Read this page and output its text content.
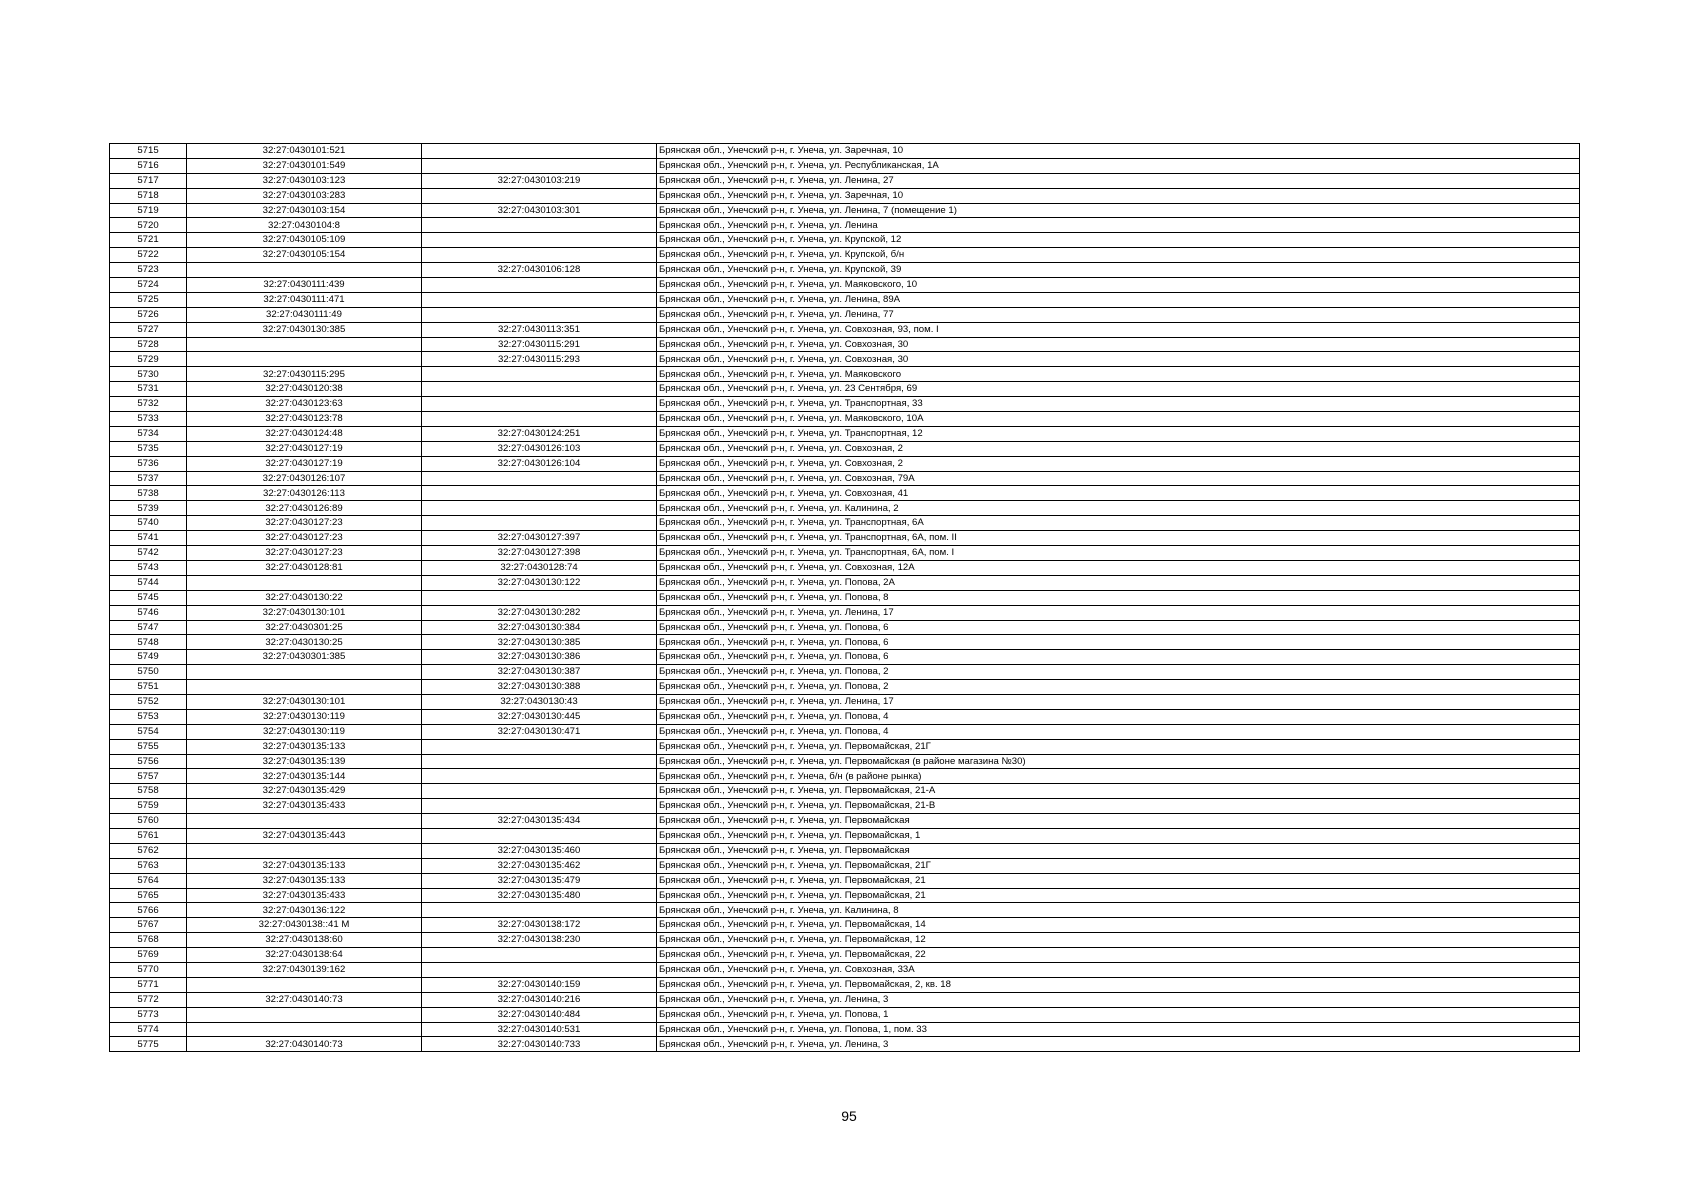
5715	32:27:0430101:521		Брянская обл., Унечский р-н, г. Унеча, ул. Заречная, 10
5716	32:27:0430101:549		Брянская обл., Унечский р-н, г. Унеча, ул. Республиканская, 1А
5717	32:27:0430103:123	32:27:0430103:219	Брянская обл., Унечский р-н, г. Унеча, ул. Ленина, 27
5718	32:27:0430103:283		Брянская обл., Унечский р-н, г. Унеча, ул. Заречная, 10
5719	32:27:0430103:154	32:27:0430103:301	Брянская обл., Унечский р-н, г. Унеча, ул. Ленина, 7 (помещение 1)
5720	32:27:0430104:8		Брянская обл., Унечский р-н, г. Унеча, ул. Ленина
5721	32:27:0430105:109		Брянская обл., Унечский р-н, г. Унеча, ул. Крупской, 12
5722	32:27:0430105:154		Брянская обл., Унечский р-н, г. Унеча, ул. Крупской, б/н
5723		32:27:0430106:128	Брянская обл., Унечский р-н, г. Унеча, ул. Крупской, 39
5724	32:27:0430111:439		Брянская обл., Унечский р-н, г. Унеча, ул. Маяковского, 10
5725	32:27:0430111:471		Брянская обл., Унечский р-н, г. Унеча, ул. Ленина, 89А
5726	32:27:0430111:49		Брянская обл., Унечский р-н, г. Унеча, ул. Ленина, 77
5727	32:27:0430130:385	32:27:0430113:351	Брянская обл., Унечский р-н, г. Унеча, ул. Совхозная, 93, пом. I
5728		32:27:0430115:291	Брянская обл., Унечский р-н, г. Унеча, ул. Совхозная, 30
5729		32:27:0430115:293	Брянская обл., Унечский р-н, г. Унеча, ул. Совхозная, 30
5730	32:27:0430115:295		Брянская обл., Унечский р-н, г. Унеча, ул. Маяковского
5731	32:27:0430120:38		Брянская обл., Унечский р-н, г. Унеча, ул. 23 Сентября, 69
5732	32:27:0430123:63		Брянская обл., Унечский р-н, г. Унеча, ул. Транспортная, 33
5733	32:27:0430123:78		Брянская обл., Унечский р-н, г. Унеча, ул. Маяковского, 10А
5734	32:27:0430124:48	32:27:0430124:251	Брянская обл., Унечский р-н, г. Унеча, ул. Транспортная, 12
5735	32:27:0430127:19	32:27:0430126:103	Брянская обл., Унечский р-н, г. Унеча, ул. Совхозная, 2
5736	32:27:0430127:19	32:27:0430126:104	Брянская обл., Унечский р-н, г. Унеча, ул. Совхозная, 2
5737	32:27:0430126:107		Брянская обл., Унечский р-н, г. Унеча, ул. Совхозная, 79А
5738	32:27:0430126:113		Брянская обл., Унечский р-н, г. Унеча, ул. Совхозная, 41
5739	32:27:0430126:89		Брянская обл., Унечский р-н, г. Унеча, ул. Калинина, 2
5740	32:27:0430127:23		Брянская обл., Унечский р-н, г. Унеча, ул. Транспортная, 6А
5741	32:27:0430127:23	32:27:0430127:397	Брянская обл., Унечский р-н, г. Унеча, ул. Транспортная, 6А, пом. II
5742	32:27:0430127:23	32:27:0430127:398	Брянская обл., Унечский р-н, г. Унеча, ул. Транспортная, 6А, пом. I
5743	32:27:0430128:81	32:27:0430128:74	Брянская обл., Унечский р-н, г. Унеча, ул. Совхозная, 12А
5744		32:27:0430130:122	Брянская обл., Унечский р-н, г. Унеча, ул. Попова, 2А
5745	32:27:0430130:22		Брянская обл., Унечский р-н, г. Унеча, ул. Попова, 8
5746	32:27:0430130:101	32:27:0430130:282	Брянская обл., Унечский р-н, г. Унеча, ул. Ленина, 17
5747	32:27:0430301:25	32:27:0430130:384	Брянская обл., Унечский р-н, г. Унеча, ул. Попова, 6
5748	32:27:0430130:25	32:27:0430130:385	Брянская обл., Унечский р-н, г. Унеча, ул. Попова, 6
5749	32:27:0430301:385	32:27:0430130:386	Брянская обл., Унечский р-н, г. Унеча, ул. Попова, 6
5750		32:27:0430130:387	Брянская обл., Унечский р-н, г. Унеча, ул. Попова, 2
5751		32:27:0430130:388	Брянская обл., Унечский р-н, г. Унеча, ул. Попова, 2
5752	32:27:0430130:101	32:27:0430130:43	Брянская обл., Унечский р-н, г. Унеча, ул. Ленина, 17
5753	32:27:0430130:119	32:27:0430130:445	Брянская обл., Унечский р-н, г. Унеча, ул. Попова, 4
5754	32:27:0430130:119	32:27:0430130:471	Брянская обл., Унечский р-н, г. Унеча, ул. Попова, 4
5755	32:27:0430135:133		Брянская обл., Унечский р-н, г. Унеча, ул. Первомайская, 21Г
5756	32:27:0430135:139		Брянская обл., Унечский р-н, г. Унеча, ул. Первомайская (в районе магазина №30)
5757	32:27:0430135:144		Брянская обл., Унечский р-н, г. Унеча, б/н (в районе рынка)
5758	32:27:0430135:429		Брянская обл., Унечский р-н, г. Унеча, ул. Первомайская, 21-А
5759	32:27:0430135:433		Брянская обл., Унечский р-н, г. Унеча, ул. Первомайская, 21-В
5760		32:27:0430135:434	Брянская обл., Унечский р-н, г. Унеча, ул. Первомайская
5761	32:27:0430135:443		Брянская обл., Унечский р-н, г. Унеча, ул. Первомайская, 1
5762		32:27:0430135:460	Брянская обл., Унечский р-н, г. Унеча, ул. Первомайская
5763	32:27:0430135:133	32:27:0430135:462	Брянская обл., Унечский р-н, г. Унеча, ул. Первомайская, 21Г
5764	32:27:0430135:133	32:27:0430135:479	Брянская обл., Унечский р-н, г. Унеча, ул. Первомайская, 21
5765	32:27:0430135:433	32:27:0430135:480	Брянская обл., Унечский р-н, г. Унеча, ул. Первомайская, 21
5766	32:27:0430136:122		Брянская обл., Унечский р-н, г. Унеча, ул. Калинина, 8
5767	32:27:0430138::41 М	32:27:0430138:172	Брянская обл., Унечский р-н, г. Унеча, ул. Первомайская, 14
5768	32:27:0430138:60	32:27:0430138:230	Брянская обл., Унечский р-н, г. Унеча, ул. Первомайская, 12
5769	32:27:0430138:64		Брянская обл., Унечский р-н, г. Унеча, ул. Первомайская, 22
5770	32:27:0430139:162		Брянская обл., Унечский р-н, г. Унеча, ул. Совхозная, 33А
5771		32:27:0430140:159	Брянская обл., Унечский р-н, г. Унеча, ул. Первомайская, 2, кв. 18
5772	32:27:0430140:73	32:27:0430140:216	Брянская обл., Унечский р-н, г. Унеча, ул. Ленина, 3
5773		32:27:0430140:484	Брянская обл., Унечский р-н, г. Унеча, ул. Попова, 1
5774		32:27:0430140:531	Брянская обл., Унечский р-н, г. Унеча, ул. Попова, 1, пом. 33
5775	32:27:0430140:73	32:27:0430140:733	Брянская обл., Унечский р-н, г. Унеча, ул. Ленина, 3
95
